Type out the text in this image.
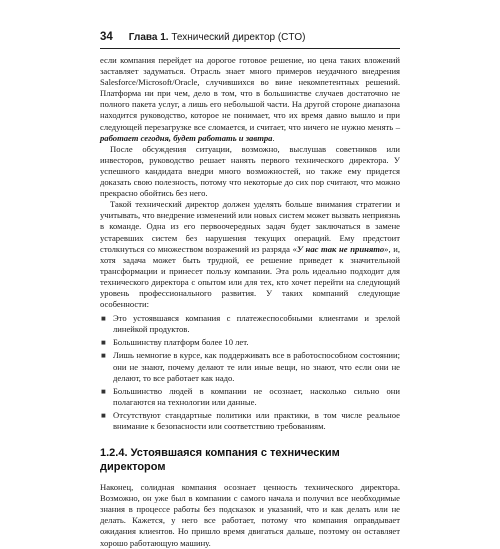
34 Глава 1. Технический директор (CTO)

если компания перейдет на дорогое готовое решение, но цена таких вложений заставляет задуматься. Отрасль знает много примеров неудачного внедрения Salesforce/Microsoft/Oracle, случившихся во вине некомпетентных решений. Платформа ни при чем, дело в том, что в большинстве случаев достаточно не полного пакета услуг, а лишь его небольшой части. На другой стороне диапазона находится руководство, которое не понимает, что их время давно вышло и при следующей перезагрузке все сломается, и считает, что ничего не нужно менять – работает сегодня, будет работать и завтра.

После обсуждения ситуации, возможно, выслушав советников или инвесторов, руководство решает нанять первого технического директора. У успешного кандидата внедри много возможностей, но также ему придется доказать свою полезность, потому что некоторые до сих пор считают, что можно прекрасно обойтись без него.

Такой технический директор должен уделять больше внимания стратегии и учитывать, что внедрение изменений или новых систем может вызвать неприязнь в команде. Одна из его первоочередных задач будет заключаться в замене устаревших систем без нарушения текущих операций. Ему предстоит столкнуться со множеством возражений из разряда «У нас так не принято», и, хотя задача может быть трудной, ее решение приведет к значительной трансформации и принесет пользу компании. Эта роль идеально подходит для технического директора с опытом или для тех, кто хочет перейти на следующий уровень профессионального развития. У таких компаний следующие особенности:

■ Это устоявшаяся компания с платежеспособными клиентами и зрелой линейкой продуктов.
■ Большинству платформ более 10 лет.
■ Лишь немногие в курсе, как поддерживать все в работоспособном состоянии; они не знают, почему делают те или иные вещи, но знают, что если они не делают, то все работает как надо.
■ Большинство людей в компании не осознает, насколько сильно они полагаются на технологии или данные.
■ Отсутствуют стандартные политики или практики, в том числе реальное внимание к безопасности или соответствию требованиям.
1.2.4. Устоявшаяся компания с техническим директором

Наконец, солидная компания осознает ценность технического директора. Возможно, он уже был в компании с самого начала и получил все необходимые знания в процессе работы без подсказок и указаний, что и как делать или не делать. Кажется, у него все работает, потому что компания оправдывает ожидания клиентов. Но пришло время двигаться дальше, поэтому он оставляет хорошо работающую машину.
